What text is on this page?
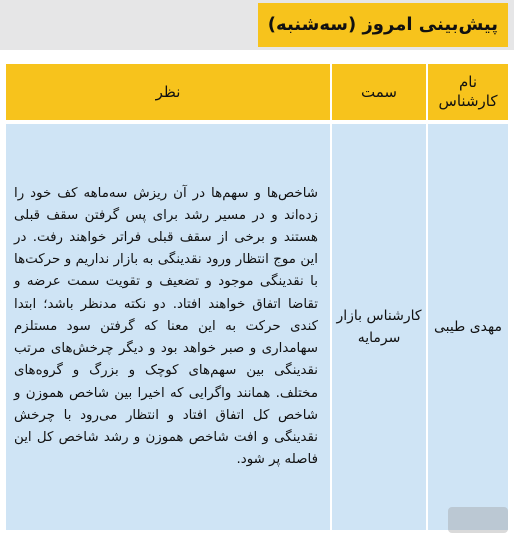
پیش‌بینی امروز (سه‌شنبه)
نام کارشناس
سمت
نظر
مهدی طیبی
کارشناس بازار سرمایه
شاخص‌ها و سهم‌ها در آن ریزش سه‌ماهه کف خود را زده‌اند و در مسیر رشد برای پس گرفتن سقف قبلی هستند و برخی از سقف قبلی فراتر خواهند رفت. در این موج انتظار ورود نقدینگی به بازار نداریم و حرکت‌ها با نقدینگی موجود و تضعیف و تقویت سمت عرضه و تقاضا اتفاق خواهند افتاد. دو نکته مدنظر باشد؛ ابتدا کندی حرکت به این معنا که گرفتن سود مستلزم سهامداری و صبر خواهد بود و دیگر چرخش‌های مرتب نقدینگی بین سهم‌های کوچک و بزرگ و گروه‌های مختلف. همانند واگرایی که اخیرا بین شاخص هموزن و شاخص کل اتفاق افتاد و انتظار می‌رود با چرخش نقدینگی و افت شاخص هموزن و رشد شاخص کل این فاصله پر شود.
